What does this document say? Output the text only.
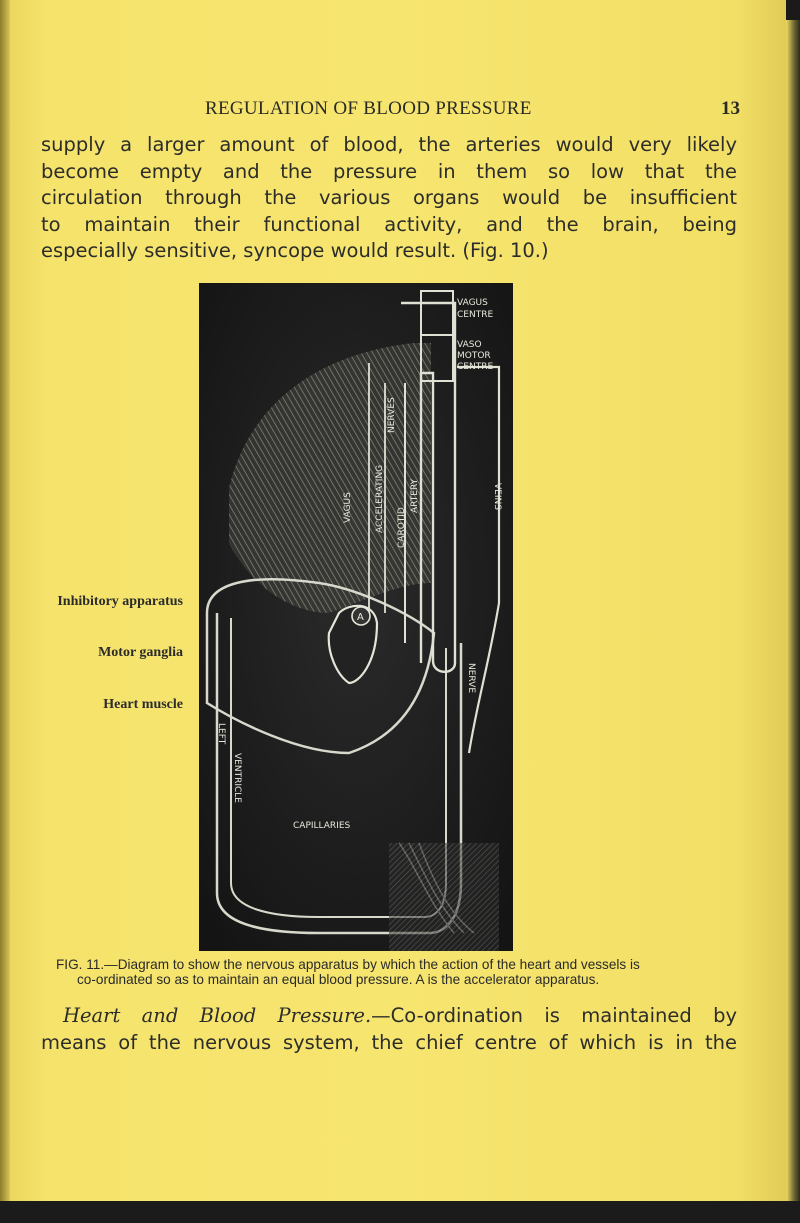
REGULATION OF BLOOD PRESSURE	13
supply a larger amount of blood, the arteries would very likely
become empty and the pressure in them so low that the
circulation through the various organs would be insufficient
to maintain their functional activity, and the brain, being
especially sensitive, syncope would result. (Fig. 10.)
Inhibitory apparatus
Motor ganglia
Heart muscle
VAGUS
CENTRE
VASO
MOTOR
CENTRE
NERVES
ARTERY
ACCELERATING CAROTID
VAGUS	VEINS
NERVE
LEFT
VENTRICLE
CAPILLARIES
A
FIG. 11.—Diagram to show the nervous apparatus by which the action of the heart and vessels is
co-ordinated so as to maintain an equal blood pressure. A is the accelerator apparatus.
Heart and Blood Pressure.—Co-ordination is maintained by
means of the nervous system, the chief centre of which is in the
